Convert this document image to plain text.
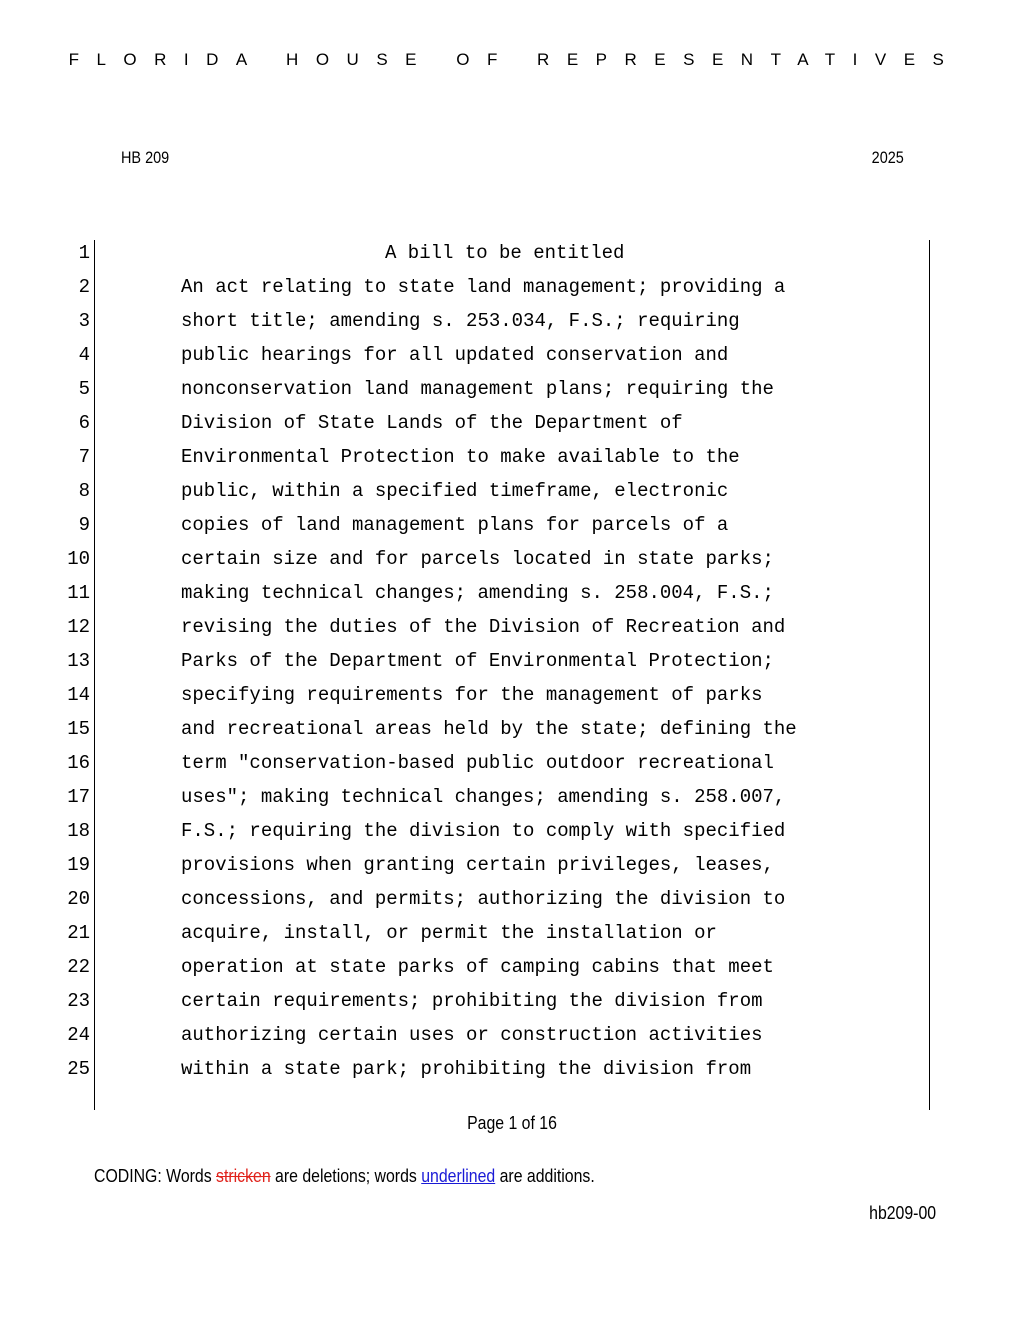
FLORIDA HOUSE OF REPRESENTATIVES
HB 209	2025

1

	A bill to be entitled

2

	An act relating to state land management; providing a

3

	short title; amending s. 253.034, F.S.; requiring

4

	public hearings for all updated conservation and

5

	nonconservation land management plans; requiring the

6

	Division of State Lands of the Department of

7

	Environmental Protection to make available to the

8

	public, within a specified timeframe, electronic

9

	copies of land management plans for parcels of a

10

	certain size and for parcels located in state parks;

11

	making technical changes; amending s. 258.004, F.S.;

12

	revising the duties of the Division of Recreation and

13

	Parks of the Department of Environmental Protection;

14

	specifying requirements for the management of parks

15

	and recreational areas held by the state; defining the

16

	term "conservation-based public outdoor recreational

17

	uses"; making technical changes; amending s. 258.007,

18

	F.S.; requiring the division to comply with specified

19

	provisions when granting certain privileges, leases,

20

	concessions, and permits; authorizing the division to

21

	acquire, install, or permit the installation or

22

	operation at state parks of camping cabins that meet

23

	certain requirements; prohibiting the division from

24

	authorizing certain uses or construction activities

25

	within a state park; prohibiting the division from

Page 1 of 16
CODING: Words stricken are deletions; words underlined are additions.
hb209-00
